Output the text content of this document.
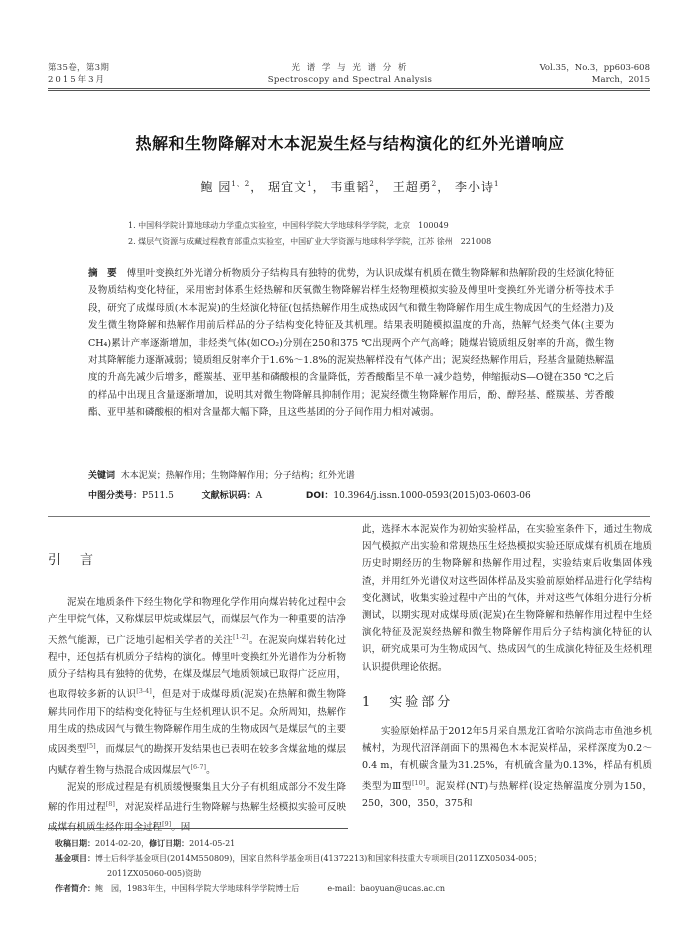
第35卷，第3期
2015年3月
光 谱 学 与 光 谱 分 析
Spectroscopy and Spectral Analysis
Vol.35，No.3，pp603-608
March，2015
热解和生物降解对木本泥炭生烃与结构演化的红外光谱响应
鲍 园$^{1、2}$， 琚宜文$^1$， 韦重韬$^2$， 王超勇$^2$， 李小诗$^1$
1. 中国科学院计算地球动力学重点实验室，中国科学院大学地球科学学院，北京　100049
2. 煤层气资源与成藏过程教育部重点实验室，中国矿业大学资源与地球科学学院，江苏 徐州　221008
摘　要 傅里叶变换红外光谱分析物质分子结构具有独特的优势，为认识成煤有机质在微生物降解和热解阶段的生烃演化特征及物质结构变化特征，采用密封体系生烃热解和厌氧微生物降解岩样生烃物理模拟实验及傅里叶变换红外光谱分析等技术手段，研究了成煤母质(木本泥炭)的生烃演化特征(包括热解作用生成热成因气和微生物降解作用生成生物成因气的生烃潜力)及发生微生物降解和热解作用前后样品的分子结构变化特征及其机理。结果表明随模拟温度的升高，热解气烃类气体(主要为CH₄)累计产率逐渐增加，非烃类气体(如CO₂)分别在250和375 ℃出现两个产气高峰；随煤岩镜质组反射率的升高，微生物对其降解能力逐渐减弱；镜质组反射率介于1.6%～1.8%的泥炭热解样没有气体产出；泥炭经热解作用后，羟基含量随热解温度的升高先减少后增多，醛羰基、亚甲基和磷酸根的含量降低，芳香酸酯呈不单一减少趋势，伸缩振动S—O键在350 ℃之后的样品中出现且含量逐渐增加，说明其对微生物降解具抑制作用；泥炭经微生物降解作用后，酚、醇羟基、醛羰基、芳香酸酯、亚甲基和磷酸根的相对含量都大幅下降，且这些基团的分子间作用力相对减弱。
关键词 木本泥炭；热解作用；生物降解作用；分子结构；红外光谱
中图分类号：P511.5	文献标识码：A	DOI：10.3964/j.issn.1000-0593(2015)03-0603-06
引　言

泥炭在地质条件下经生物化学和物理化学作用向煤岩转化过程中会产生甲烷气体，又称煤层甲烷或煤层气，而煤层气作为一种重要的洁净天然气能源，已广泛地引起相关学者的关注[1-2]。在泥炭向煤岩转化过程中，还包括有机质分子结构的演化。傅里叶变换红外光谱作为分析物质分子结构具有独特的优势，在煤及煤层气地质领域已取得广泛应用，也取得较多新的认识[3-4]，但是对于成煤母质(泥炭)在热解和微生物降解共同作用下的结构变化特征与生烃机理认识不足。众所周知，热解作用生成的热成因气与微生物降解作用生成的生物成因气是煤层气的主要成因类型[5]，而煤层气的勘探开发结果也已表明在较多含煤盆地的煤层内赋存着生物与热混合成因煤层气[6-7]。

泥炭的形成过程是有机质缓慢聚集且大分子有机组成部分不发生降解的作用过程[8]，对泥炭样品进行生物降解与热解生烃模拟实验可反映成煤有机质生烃作用全过程[9]。因

此，选择木本泥炭作为初始实验样品，在实验室条件下，通过生物成因气模拟产出实验和常规热压生烃热模拟实验还原成煤有机质在地质历史时期经历的生物降解和热解作用过程，实验结束后收集固体残渣，并用红外光谱仪对这些固体样品及实验前原始样品进行化学结构变化测试，收集实验过程中产出的气体，并对这些气体组分进行分析测试，以期实现对成煤母质(泥炭)在生物降解和热解作用过程中生烃演化特征及泥炭经热解和微生物降解作用后分子结构演化特征的认识，研究成果可为生物成因气、热成因气的生成演化特征及生烃机理认识提供理论依据。

1　实验部分

实验原始样品于2012年5月采自黑龙江省哈尔滨尚志市鱼池乡机械村，为现代沼泽剖面下的黑褐色木本泥炭样品，采样深度为0.2～0.4 m，有机碳含量为31.25%，有机硫含量为0.13%，样品有机质类型为Ⅲ型[10]。泥炭样(NT)与热解样(设定热解温度分别为150，250，300，350，375和

收稿日期：2014-02-20，修订日期：2014-05-21
基金项目：博士后科学基金项目(2014M550809)，国家自然科学基金项目(41372213)和国家科技重大专项项目(2011ZX05034-005；
2011ZX05060-005)资助
作者简介：鲍　园，1983年生，中国科学院大学地球科学学院博士后	e-mail：baoyuan@ucas.ac.cn
